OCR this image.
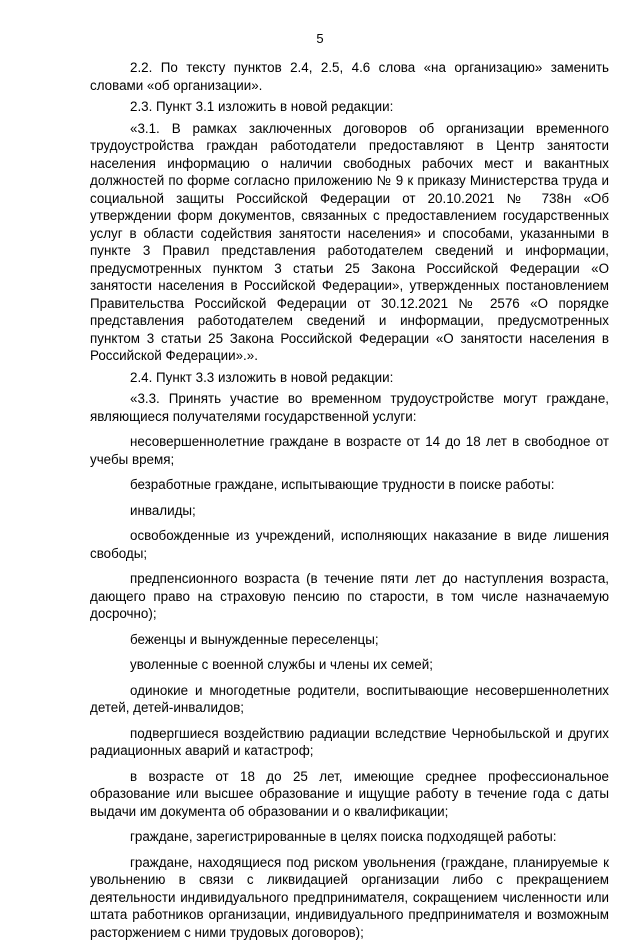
5

2.2. По тексту пунктов 2.4, 2.5, 4.6 слова «на организацию» заменить словами «об организации».

2.3. Пункт 3.1 изложить в новой редакции:

«3.1. В рамках заключенных договоров об организации временного трудоустройства граждан работодатели предоставляют в Центр занятости населения информацию о наличии свободных рабочих мест и вакантных должностей по форме согласно приложению № 9 к приказу Министерства труда и социальной защиты Российской Федерации от 20.10.2021 № 738н «Об утверждении форм документов, связанных с предоставлением государственных услуг в области содействия занятости населения» и способами, указанными в пункте 3 Правил представления работодателем сведений и информации, предусмотренных пунктом 3 статьи 25 Закона Российской Федерации «О занятости населения в Российской Федерации», утвержденных постановлением Правительства Российской Федерации от 30.12.2021 № 2576 «О порядке представления работодателем сведений и информации, предусмотренных пунктом 3 статьи 25 Закона Российской Федерации «О занятости населения в Российской Федерации».».

2.4. Пункт 3.3 изложить в новой редакции:

«3.3. Принять участие во временном трудоустройстве могут граждане, являющиеся получателями государственной услуги:

несовершеннолетние граждане в возрасте от 14 до 18 лет в свободное от учебы время;

безработные граждане, испытывающие трудности в поиске работы:

инвалиды;

освобожденные из учреждений, исполняющих наказание в виде лишения свободы;

предпенсионного возраста (в течение пяти лет до наступления возраста, дающего право на страховую пенсию по старости, в том числе назначаемую досрочно);

беженцы и вынужденные переселенцы;

уволенные с военной службы и члены их семей;

одинокие и многодетные родители, воспитывающие несовершеннолетних детей, детей-инвалидов;

подвергшиеся воздействию радиации вследствие Чернобыльской и других радиационных аварий и катастроф;

в возрасте от 18 до 25 лет, имеющие среднее профессиональное образование или высшее образование и ищущие работу в течение года с даты выдачи им документа об образовании и о квалификации;

граждане, зарегистрированные в целях поиска подходящей работы:

граждане, находящиеся под риском увольнения (граждане, планируемые к увольнению в связи с ликвидацией организации либо с прекращением деятельности индивидуального предпринимателя, сокращением численности или штата работников организации, индивидуального предпринимателя и возможным расторжением с ними трудовых договоров);
